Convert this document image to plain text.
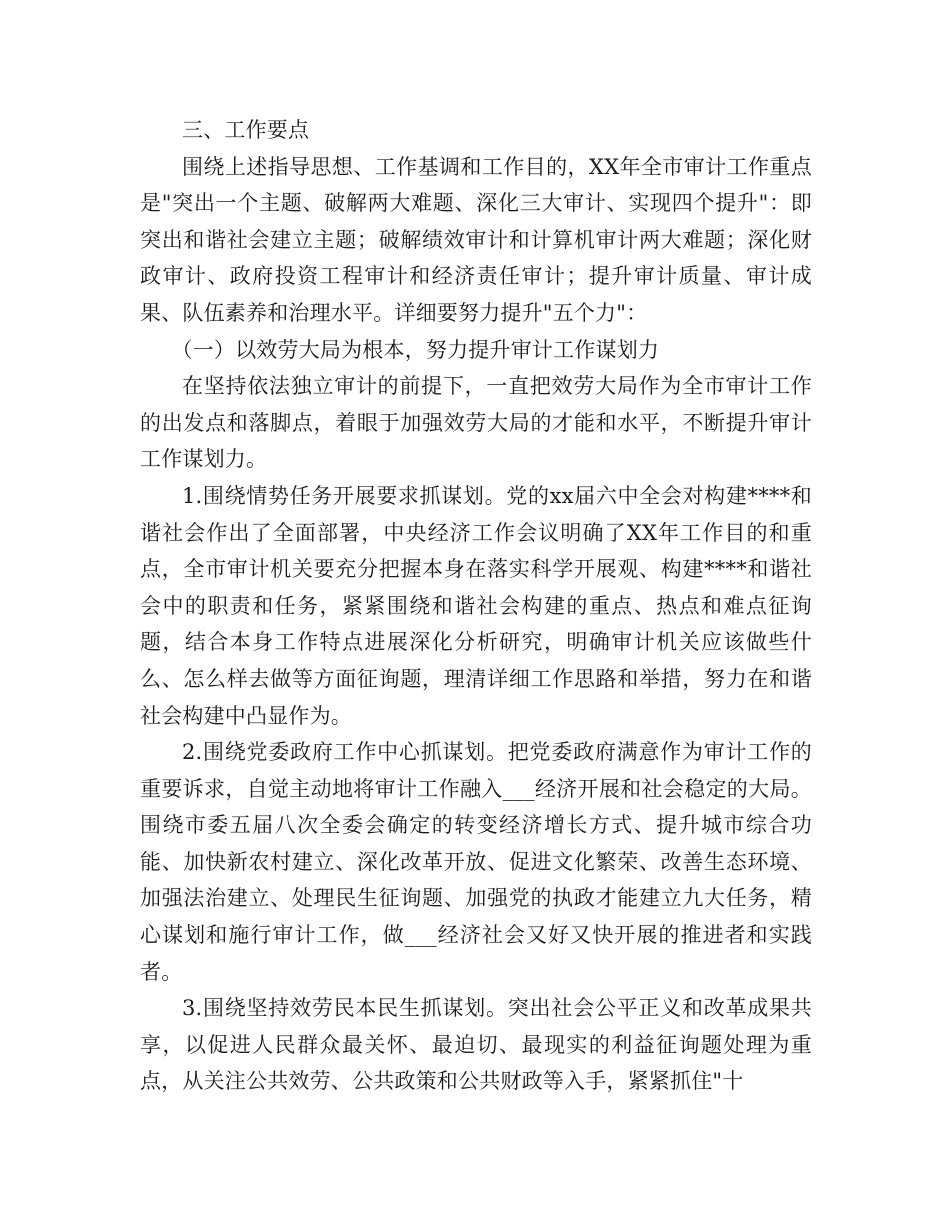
三、工作要点

围绕上述指导思想、工作基调和工作目的，XX年全市审计工作重点是"突出一个主题、破解两大难题、深化三大审计、实现四个提升"：即突出和谐社会建立主题；破解绩效审计和计算机审计两大难题；深化财政审计、政府投资工程审计和经济责任审计；提升审计质量、审计成果、队伍素养和治理水平。详细要努力提升"五个力"：

（一）以效劳大局为根本，努力提升审计工作谋划力

在坚持依法独立审计的前提下，一直把效劳大局作为全市审计工作的出发点和落脚点，着眼于加强效劳大局的才能和水平，不断提升审计工作谋划力。

1.围绕情势任务开展要求抓谋划。党的xx届六中全会对构建****和谐社会作出了全面部署，中央经济工作会议明确了XX年工作目的和重点，全市审计机关要充分把握本身在落实科学开展观、构建****和谐社会中的职责和任务，紧紧围绕和谐社会构建的重点、热点和难点征询题，结合本身工作特点进展深化分析研究，明确审计机关应该做些什么、怎么样去做等方面征询题，理清详细工作思路和举措，努力在和谐社会构建中凸显作为。

2.围绕党委政府工作中心抓谋划。把党委政府满意作为审计工作的重要诉求，自觉主动地将审计工作融入___经济开展和社会稳定的大局。围绕市委五届八次全委会确定的转变经济增长方式、提升城市综合功能、加快新农村建立、深化改革开放、促进文化繁荣、改善生态环境、加强法治建立、处理民生征询题、加强党的执政才能建立九大任务，精心谋划和施行审计工作，做___经济社会又好又快开展的推进者和实践者。

3.围绕坚持效劳民本民生抓谋划。突出社会公平正义和改革成果共享，以促进人民群众最关怀、最迫切、最现实的利益征询题处理为重点，从关注公共效劳、公共政策和公共财政等入手，紧紧抓住"十
